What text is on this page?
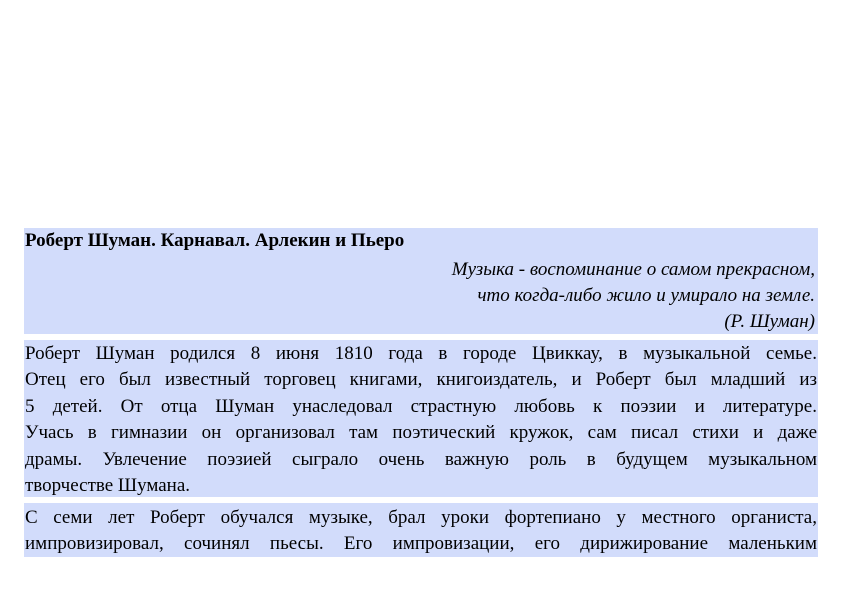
Роберт Шуман. Карнавал. Арлекин и Пьеро
Музыка - воспоминание о самом прекрасном,
что когда-либо жило и умирало на земле.
(Р. Шуман)
Роберт Шуман родился 8 июня 1810 года в городе Цвиккау, в музыкальной семье.
Отец его был известный торговец книгами, книгоиздатель, и Роберт был младший из
5 детей. От отца Шуман унаследовал страстную любовь к поэзии и литературе.
Учась в гимназии он организовал там поэтический кружок, сам писал стихи и даже
драмы. Увлечение поэзией сыграло очень важную роль в будущем музыкальном
творчестве Шумана.
С семи лет Роберт обучался музыке, брал уроки фортепиано у местного органиста,
импровизировал, сочинял пьесы. Его импровизации, его дирижирование маленьким
